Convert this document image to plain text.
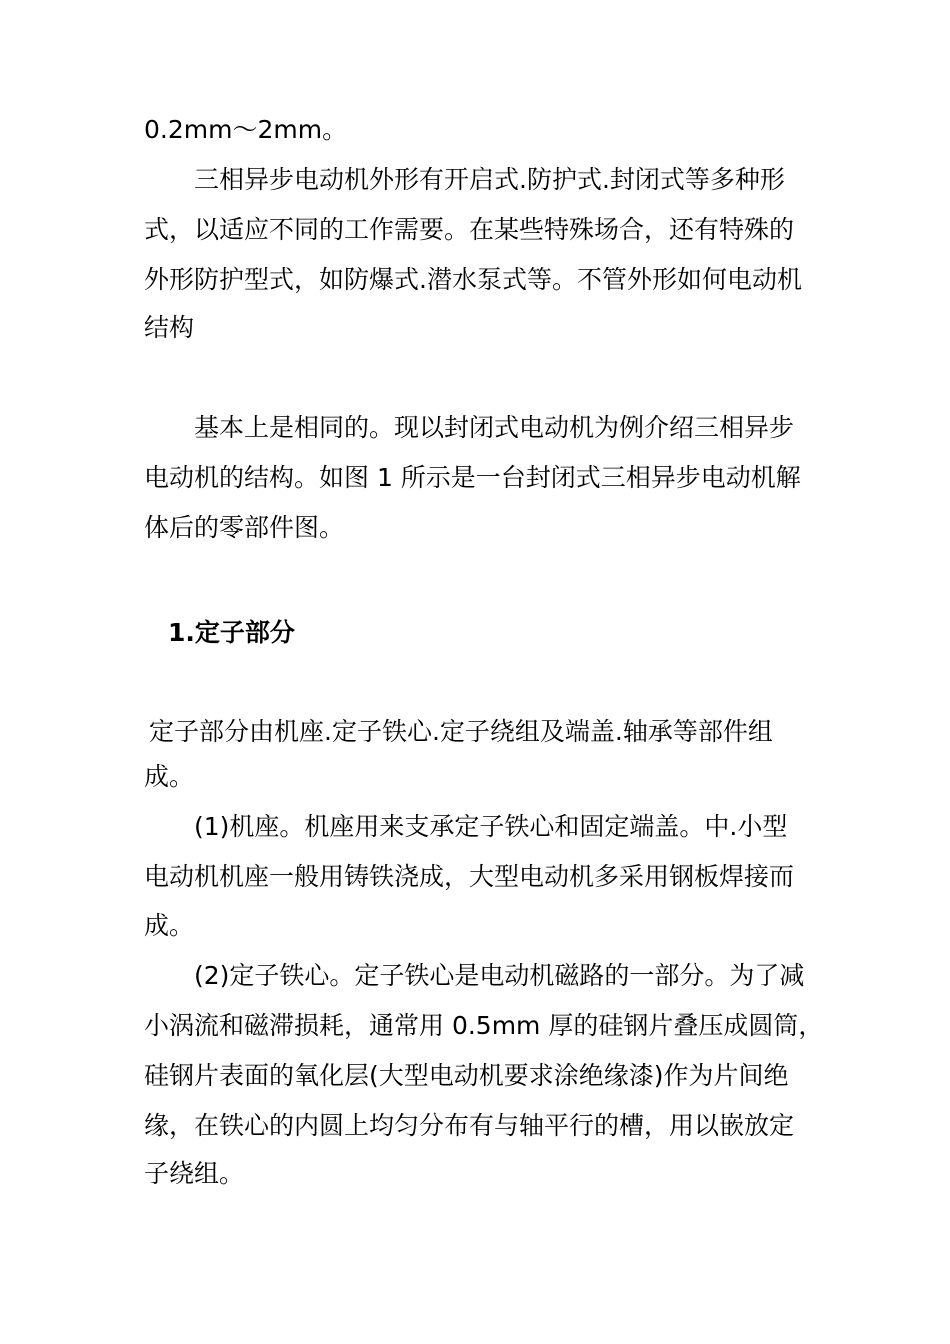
0.2mm～2mm。

三相异步电动机外形有开启式.防护式.封闭式等多种形

式，以适应不同的工作需要。在某些特殊场合，还有特殊的

外形防护型式，如防爆式.潜水泵式等。不管外形如何电动机

结构

基本上是相同的。现以封闭式电动机为例介绍三相异步

电动机的结构。如图 1 所示是一台封闭式三相异步电动机解

体后的零部件图。

1.定子部分

定子部分由机座.定子铁心.定子绕组及端盖.轴承等部件组

成。

(1)机座。机座用来支承定子铁心和固定端盖。中.小型

电动机机座一般用铸铁浇成，大型电动机多采用钢板焊接而

成。

(2)定子铁心。定子铁心是电动机磁路的一部分。为了减

小涡流和磁滞损耗，通常用 0.5mm 厚的硅钢片叠压成圆筒，

硅钢片表面的氧化层(大型电动机要求涂绝缘漆)作为片间绝

缘，在铁心的内圆上均匀分布有与轴平行的槽，用以嵌放定

子绕组。
